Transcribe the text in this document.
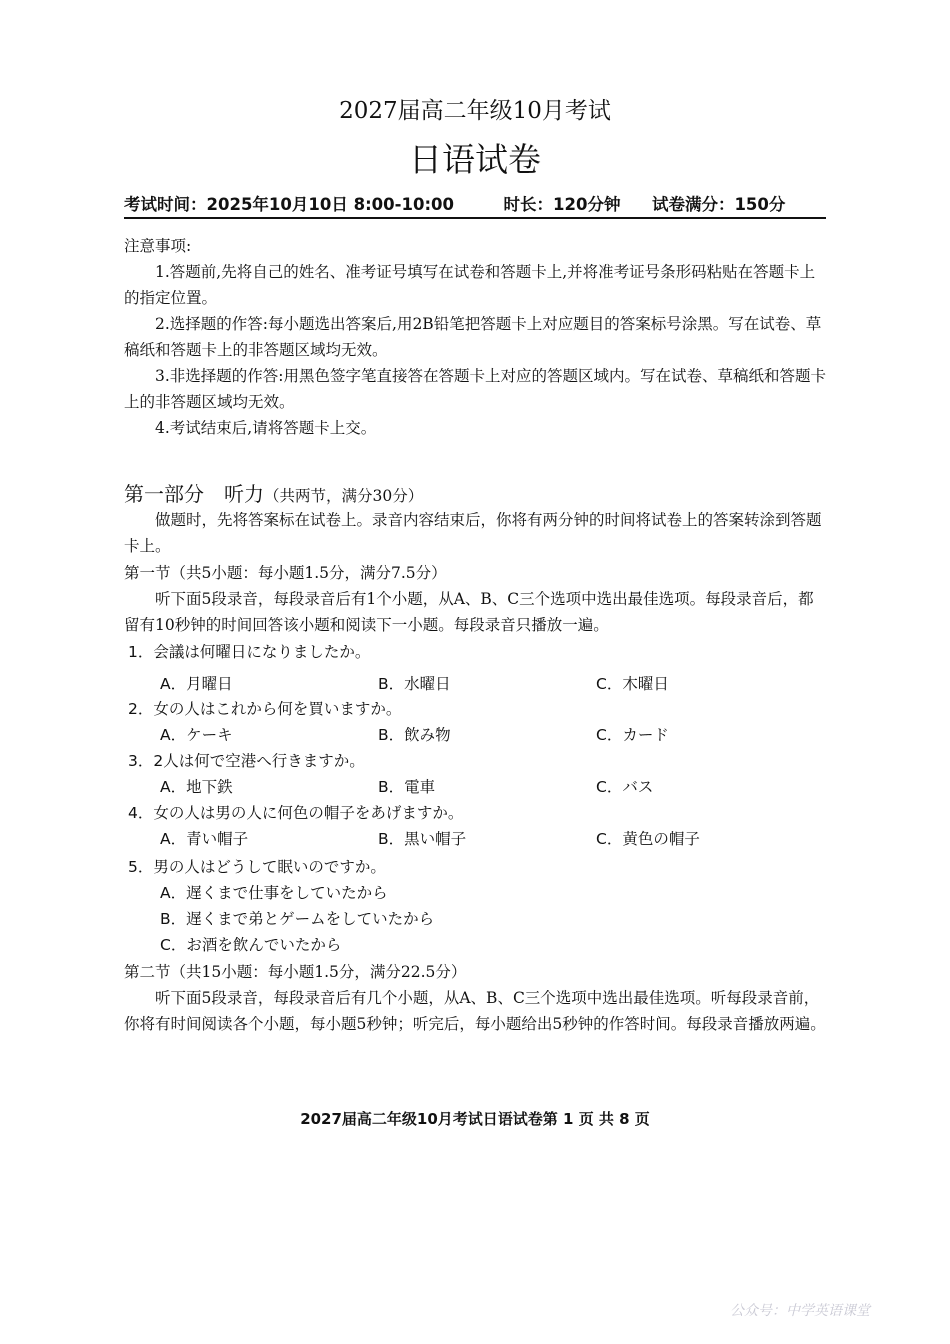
2027届高二年级10月考试
日语试卷
考试时间：2025年10月10日 8:00-10:00	时长：120分钟 试卷满分：150分
注意事项:
1.答题前,先将自己的姓名、准考证号填写在试卷和答题卡上,并将准考证号条形码粘贴在答题卡上的指定位置。
2.选择题的作答:每小题选出答案后,用2B铅笔把答题卡上对应题目的答案标号涂黑。写在试卷、草稿纸和答题卡上的非答题区域均无效。
3.非选择题的作答:用黑色签字笔直接答在答题卡上对应的答题区域内。写在试卷、草稿纸和答题卡上的非答题区域均无效。
4.考试结束后,请将答题卡上交。
第一部分　听力（共两节，满分30分）
做题时，先将答案标在试卷上。录音内容结束后，你将有两分钟的时间将试卷上的答案转涂到答题卡上。
第一节（共5小题：每小题1.5分，满分7.5分）
听下面5段录音，每段录音后有1个小题，从A、B、C三个选项中选出最佳选项。每段录音后，都留有10秒钟的时间回答该小题和阅读下一小题。每段录音只播放一遍。
1．会議は何曜日になりましたか。
A．月曜日	B．水曜日	C．木曜日
2．女の人はこれから何を買いますか。
A．ケーキ	B．飲み物	C．カード
3．2人は何で空港へ行きますか。
A．地下鉄	B．電車	C．バス
4．女の人は男の人に何色の帽子をあげますか。
A．青い帽子	B．黒い帽子	C．黄色の帽子
5．男の人はどうして眠いのですか。
A．遅くまで仕事をしていたから
B．遅くまで弟とゲームをしていたから
C．お酒を飲んでいたから
第二节（共15小题：每小题1.5分，满分22.5分）
听下面5段录音，每段录音后有几个小题，从A、B、C三个选项中选出最佳选项。听每段录音前，你将有时间阅读各个小题，每小题5秒钟；听完后，每小题给出5秒钟的作答时间。每段录音播放两遍。
2027届高二年级10月考试日语试卷第 1 页 共 8 页
公众号：中学英语课堂
